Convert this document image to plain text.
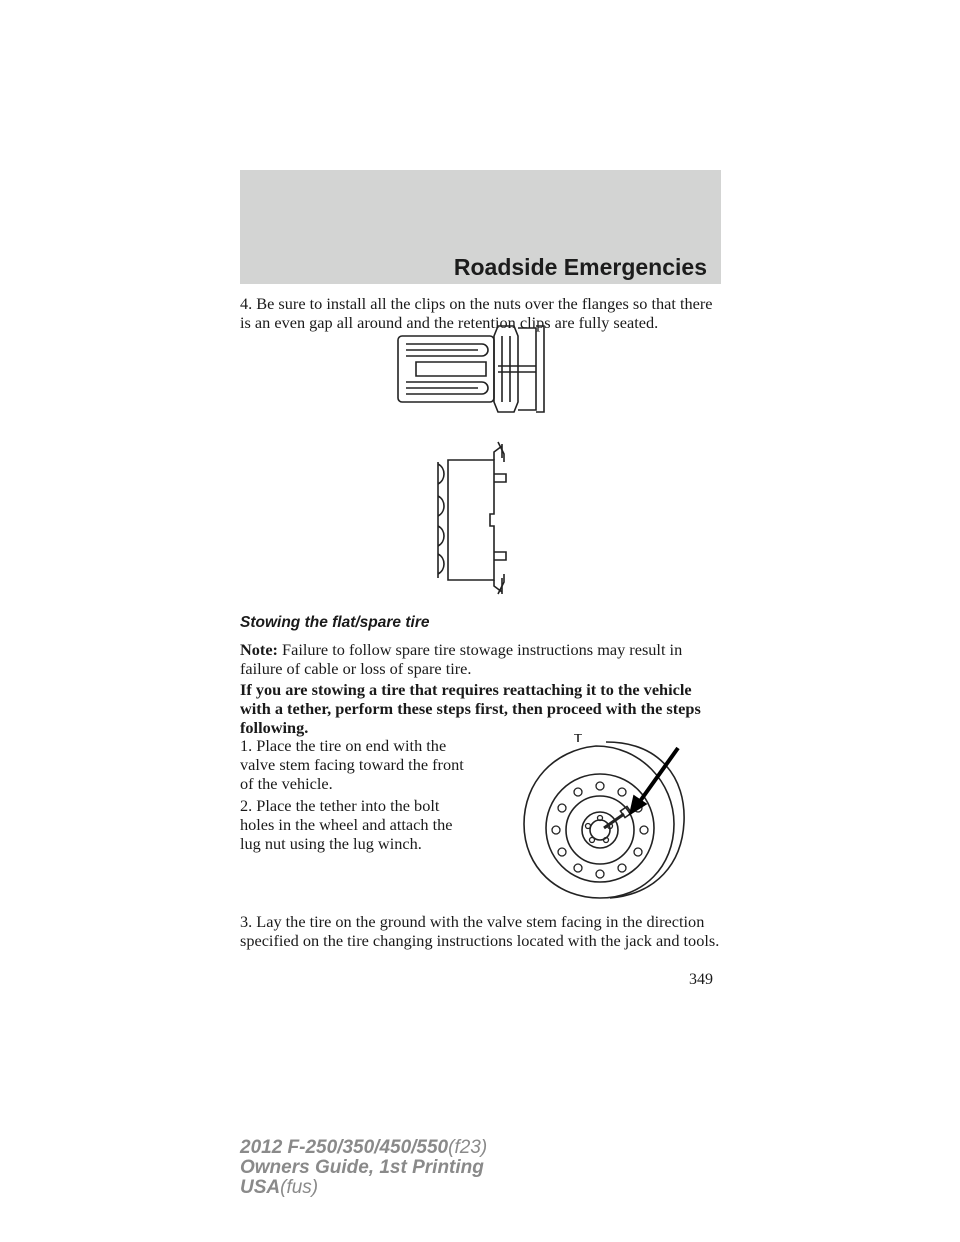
Roadside Emergencies

4. Be sure to install all the clips on the nuts over the flanges so that there is an even gap all around and the retention clips are fully seated.

Stowing the flat/spare tire

Note: Failure to follow spare tire stowage instructions may result in failure of cable or loss of spare tire.

If you are stowing a tire that requires reattaching it to the vehicle with a tether, perform these steps first, then proceed with the steps following.

1. Place the tire on end with the valve stem facing toward the front of the vehicle.

2. Place the tether into the bolt holes in the wheel and attach the lug nut using the lug winch.

3. Lay the tire on the ground with the valve stem facing in the direction specified on the tire changing instructions located with the jack and tools.

349
2012 F-250/350/450/550(f23)
Owners Guide, 1st Printing
USA(fus)
